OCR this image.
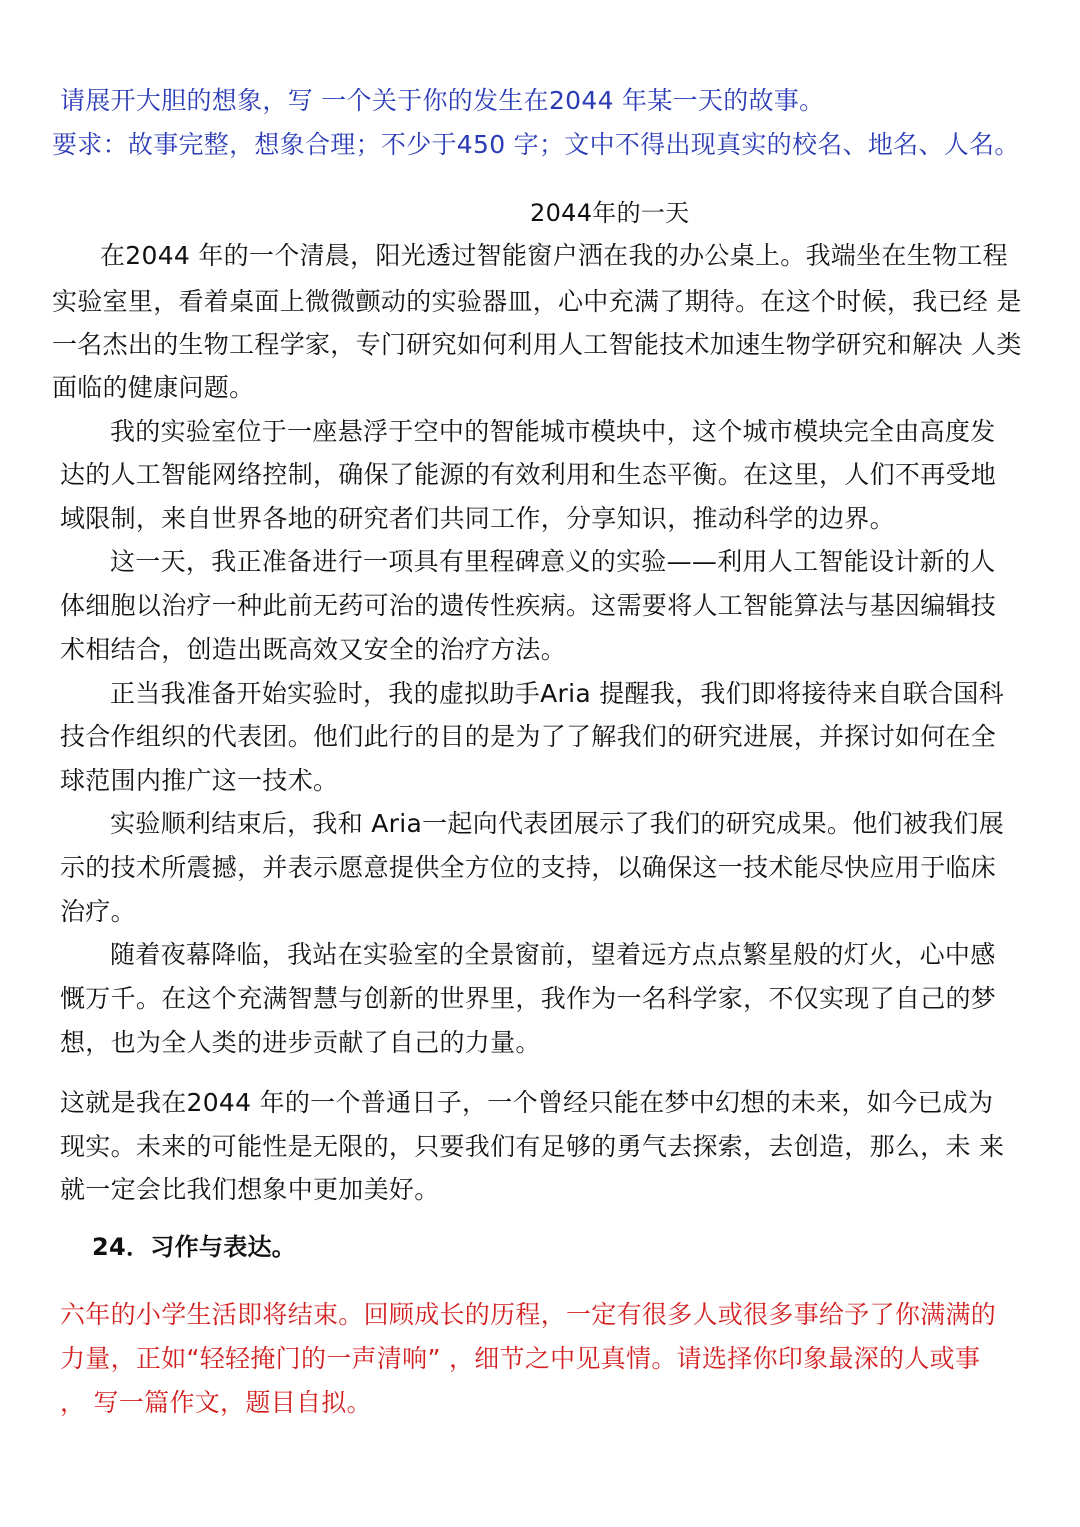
请展开大胆的想象，写 一个关于你的发生在2044 年某一天的故事。
要求：故事完整，想象合理；不少于450 字；文中不得出现真实的校名、地名、人名。
2044年的一天
在2044 年的一个清晨，阳光透过智能窗户洒在我的办公桌上。我端坐在生物工程
实验室里，看着桌面上微微颤动的实验器皿，心中充满了期待。在这个时候，我已经 是
一名杰出的生物工程学家，专门研究如何利用人工智能技术加速生物学研究和解决 人类
面临的健康问题。
我的实验室位于一座悬浮于空中的智能城市模块中，这个城市模块完全由高度发
达的人工智能网络控制，确保了能源的有效利用和生态平衡。在这里，人们不再受地
域限制，来自世界各地的研究者们共同工作，分享知识，推动科学的边界。
这一天，我正准备进行一项具有里程碑意义的实验——利用人工智能设计新的人
体细胞以治疗一种此前无药可治的遗传性疾病。这需要将人工智能算法与基因编辑技
术相结合，创造出既高效又安全的治疗方法。
正当我准备开始实验时，我的虚拟助手Aria 提醒我，我们即将接待来自联合国科
技合作组织的代表团。他们此行的目的是为了了解我们的研究进展，并探讨如何在全
球范围内推广这一技术。
实验顺利结束后，我和 Aria一起向代表团展示了我们的研究成果。他们被我们展
示的技术所震撼，并表示愿意提供全方位的支持，以确保这一技术能尽快应用于临床
治疗。
随着夜幕降临，我站在实验室的全景窗前，望着远方点点繁星般的灯火，心中感
慨万千。在这个充满智慧与创新的世界里，我作为一名科学家，不仅实现了自己的梦
想，也为全人类的进步贡献了自己的力量。
这就是我在2044 年的一个普通日子，一个曾经只能在梦中幻想的未来，如今已成为
现实。未来的可能性是无限的，只要我们有足够的勇气去探索，去创造，那么，未 来
就一定会比我们想象中更加美好。
24．习作与表达。
六年的小学生活即将结束。回顾成长的历程，一定有很多人或很多事给予了你满满的
力量，正如“轻轻掩门的一声清响” ，细节之中见真情。请选择你印象最深的人或事
， 写一篇作文，题目自拟。
